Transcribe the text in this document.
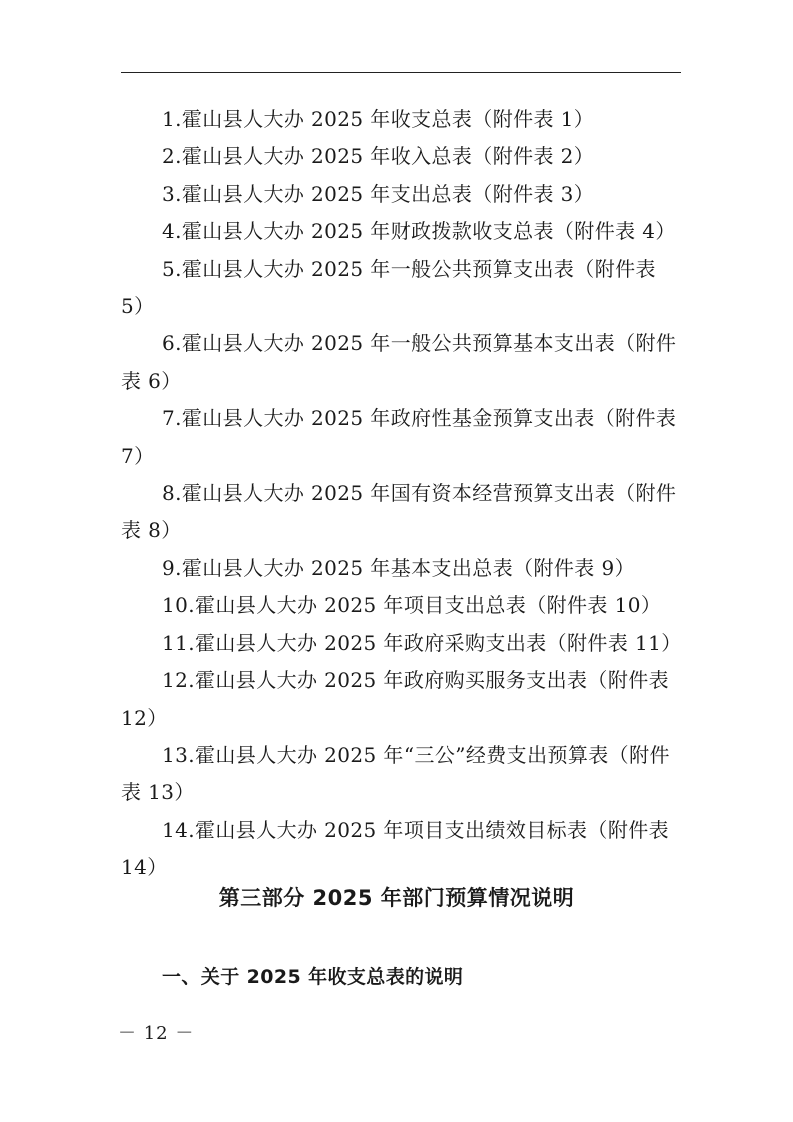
1.霍山县人大办 2025 年收支总表（附件表 1）
2.霍山县人大办 2025 年收入总表（附件表 2）
3.霍山县人大办 2025 年支出总表（附件表 3）
4.霍山县人大办 2025 年财政拨款收支总表（附件表 4）
5.霍山县人大办 2025 年一般公共预算支出表（附件表 5）
6.霍山县人大办 2025 年一般公共预算基本支出表（附件表 6）
7.霍山县人大办 2025 年政府性基金预算支出表（附件表 7）
8.霍山县人大办 2025 年国有资本经营预算支出表（附件表 8）
9.霍山县人大办 2025 年基本支出总表（附件表 9）
10.霍山县人大办 2025 年项目支出总表（附件表 10）
11.霍山县人大办 2025 年政府采购支出表（附件表 11）
12.霍山县人大办 2025 年政府购买服务支出表（附件表 12）
13.霍山县人大办 2025 年“三公”经费支出预算表（附件表 13）
14.霍山县人大办 2025 年项目支出绩效目标表（附件表 14）
第三部分 2025 年部门预算情况说明
一、关于 2025 年收支总表的说明
－ 12 －
